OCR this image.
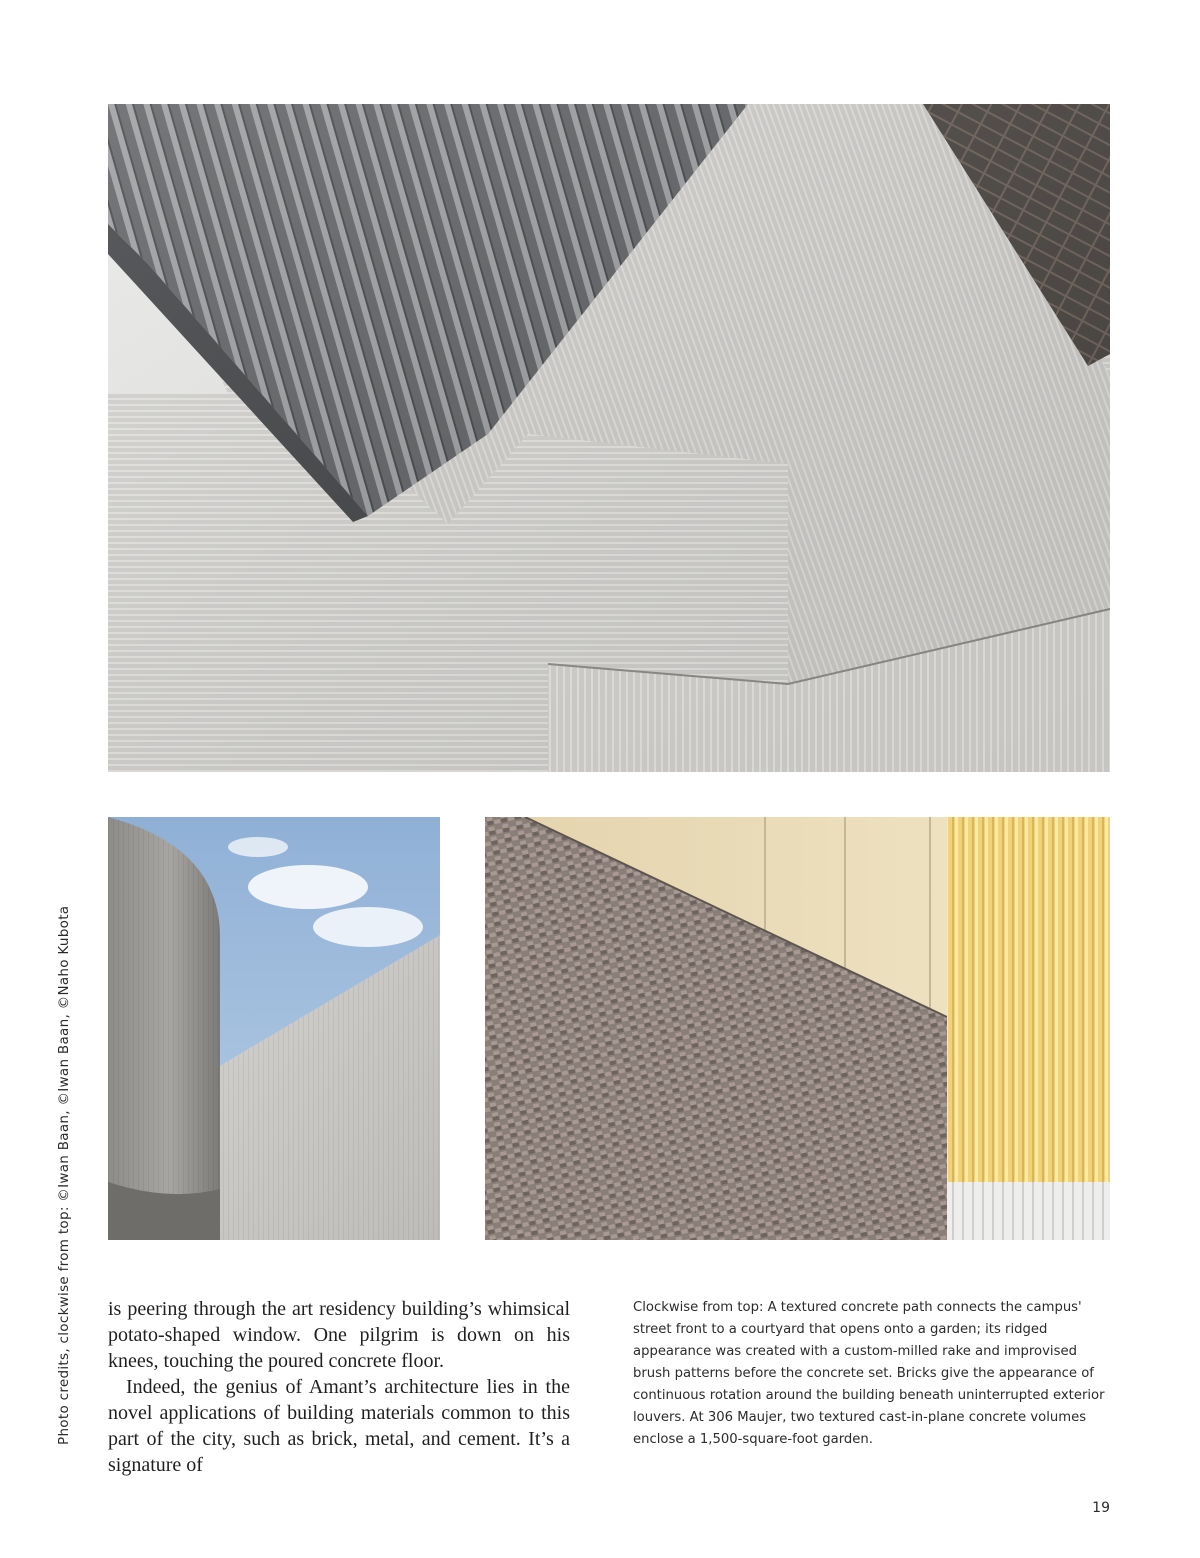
Photo credits, clockwise from top: ©Iwan Baan, ©Iwan Baan, ©Naho Kubota is peering through the art residency building’s whimsical potato-shaped window. One pilgrim is down on his knees, touching the poured concrete floor.

Indeed, the genius of Amant’s architecture lies in the novel applications of building materials common to this part of the city, such as brick, metal, and cement. It’s a signature of

Clockwise from top: A textured concrete path connects the campus' street front to a courtyard that opens onto a garden; its ridged appearance was created with a custom-milled rake and improvised brush patterns before the concrete set. Bricks give the appearance of continuous rotation around the building beneath uninterrupted exterior louvers. At 306 Maujer, two textured cast-in-plane concrete volumes enclose a 1,500-square-foot garden.
19
